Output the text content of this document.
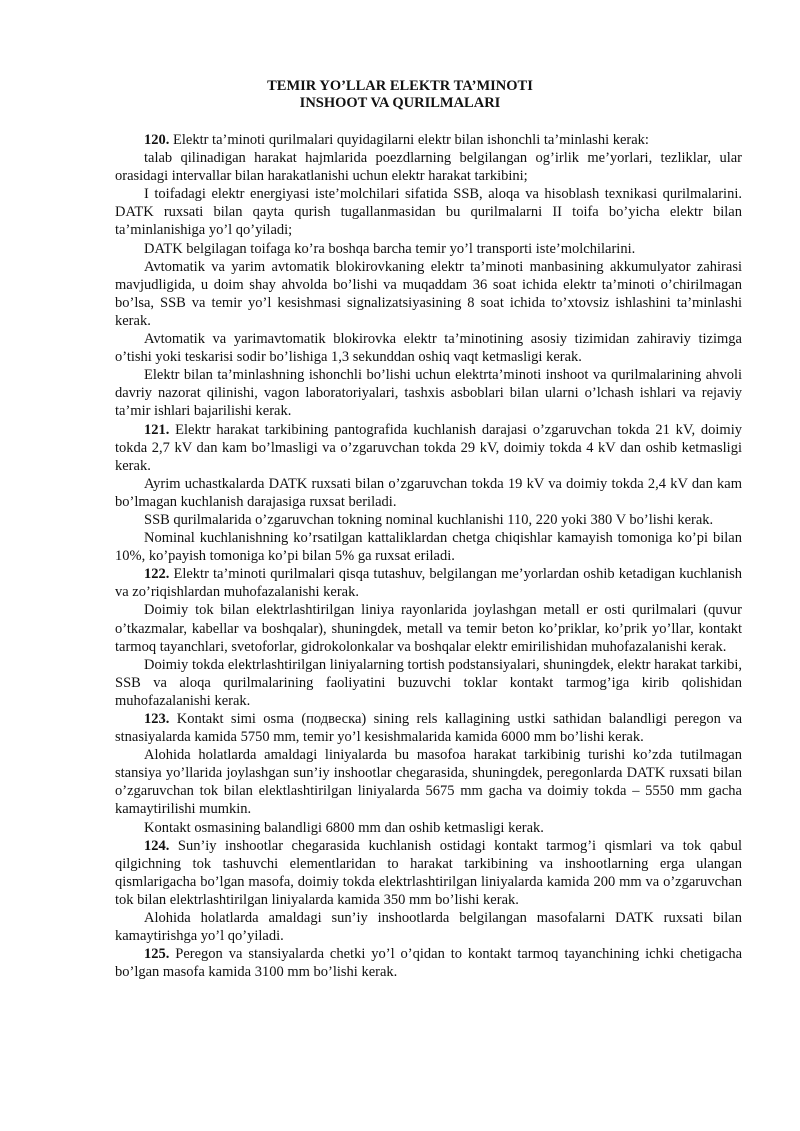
TEMIR YO’LLAR ELEKTR TA’MINOTI
INSHOOT VA QURILMALARI

120. Elektr ta’minoti qurilmalari quyidagilarni elektr bilan ishonchli ta’minlashi kerak:

talab qilinadigan harakat hajmlarida poezdlarning belgilangan og’irlik me’yorlari, tezliklar, ular orasidagi intervallar bilan harakatlanishi uchun elektr harakat tarkibini;

I toifadagi elektr energiyasi iste’molchilari sifatida SSB, aloqa va hisoblash texnikasi qurilmalarini. DATK ruxsati bilan qayta qurish tugallanmasidan bu qurilmalarni II toifa bo’yicha elektr bilan ta’minlanishiga yo’l qo’yiladi;

DATK belgilagan toifaga ko’ra boshqa barcha temir yo’l transporti iste’molchilarini.

Avtomatik va yarim avtomatik blokirovkaning elektr ta’minoti manbasining akkumulyator zahirasi mavjudligida, u doim shay ahvolda bo’lishi va muqaddam 36 soat ichida elektr ta’minoti o’chirilmagan bo’lsa, SSB va temir yo’l kesishmasi signalizatsiyasining 8 soat ichida to’xtovsiz ishlashini ta’minlashi kerak.

Avtomatik va yarimavtomatik blokirovka elektr ta’minotining asosiy tizimidan zahiraviy tizimga o’tishi yoki teskarisi sodir bo’lishiga 1,3 sekunddan oshiq vaqt ketmasligi kerak.

Elektr bilan ta’minlashning ishonchli bo’lishi uchun elektrta’minoti inshoot va qurilmalarining ahvoli davriy nazorat qilinishi, vagon laboratoriyalari, tashxis asboblari bilan ularni o’lchash ishlari va rejaviy ta’mir ishlari bajarilishi kerak.

121. Elektr harakat tarkibining pantografida kuchlanish darajasi o’zgaruvchan tokda 21 kV, doimiy tokda 2,7 kV dan kam bo’lmasligi va o’zgaruvchan tokda 29 kV, doimiy tokda 4 kV dan oshib ketmasligi kerak.

Ayrim uchastkalarda DATK ruxsati bilan o’zgaruvchan tokda 19 kV va doimiy tokda 2,4 kV dan kam bo’lmagan kuchlanish darajasiga ruxsat beriladi.

SSB qurilmalarida o’zgaruvchan tokning nominal kuchlanishi 110, 220 yoki 380 V bo’lishi kerak.

Nominal kuchlanishning ko’rsatilgan kattaliklardan chetga chiqishlar kamayish tomoniga ko’pi bilan 10%, ko’payish tomoniga ko’pi bilan 5% ga ruxsat eriladi.

122. Elektr ta’minoti qurilmalari qisqa tutashuv, belgilangan me’yorlardan oshib ketadigan kuchlanish va zo’riqishlardan muhofazalanishi kerak.

Doimiy tok bilan elektrlashtirilgan liniya rayonlarida joylashgan metall er osti qurilmalari (quvur o’tkazmalar, kabellar va boshqalar), shuningdek, metall va temir beton ko’priklar, ko’prik yo’llar, kontakt tarmoq tayanchlari, svetoforlar, gidrokolonkalar va boshqalar elektr emirilishidan muhofazalanishi kerak.

Doimiy tokda elektrlashtirilgan liniyalarning tortish podstansiyalari, shuningdek, elektr harakat tarkibi, SSB va aloqa qurilmalarining faoliyatini buzuvchi toklar kontakt tarmog’iga kirib qolishidan muhofazalanishi kerak.

123. Kontakt simi osma (подвеска) sining rels kallagining ustki sathidan balandligi peregon va stnasiyalarda kamida 5750 mm, temir yo’l kesishmalarida kamida 6000 mm bo’lishi kerak.

Alohida holatlarda amaldagi liniyalarda bu masofoa harakat tarkibinig turishi ko’zda tutilmagan stansiya yo’llarida joylashgan sun’iy inshootlar chegarasida, shuningdek, peregonlarda DATK ruxsati bilan o’zgaruvchan tok bilan elektlashtirilgan liniyalarda 5675 mm gacha va doimiy tokda – 5550 mm gacha kamaytirilishi mumkin.

Kontakt osmasining balandligi 6800 mm dan oshib ketmasligi kerak.

124. Sun’iy inshootlar chegarasida kuchlanish ostidagi kontakt tarmog’i qismlari va tok qabul qilgichning tok tashuvchi elementlaridan to harakat tarkibining va inshootlarning erga ulangan qismlarigacha bo’lgan masofa, doimiy tokda elektrlashtirilgan liniyalarda kamida 200 mm va o’zgaruvchan tok bilan elektrlashtirilgan liniyalarda kamida 350 mm bo’lishi kerak.

Alohida holatlarda amaldagi sun’iy inshootlarda belgilangan masofalarni DATK ruxsati bilan kamaytirishga yo’l qo’yiladi.

125. Peregon va stansiyalarda chetki yo’l o’qidan to kontakt tarmoq tayanchining ichki chetigacha bo’lgan masofa kamida 3100 mm bo’lishi kerak.
